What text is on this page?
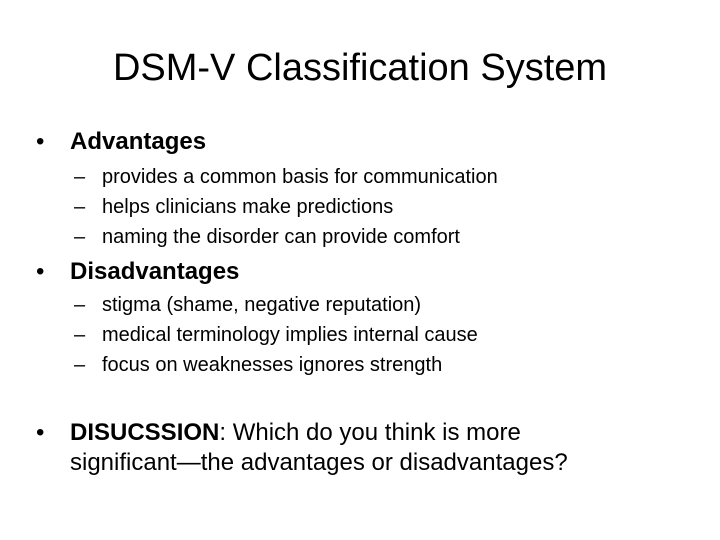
DSM-V Classification System
• Advantages
– provides a common basis for communication
– helps clinicians make predictions
– naming the disorder can provide comfort
• Disadvantages
– stigma (shame, negative reputation)
– medical terminology implies internal cause
– focus on weaknesses ignores strength
• DISUCSSION: Which do you think is more
significant—the advantages or disadvantages?
